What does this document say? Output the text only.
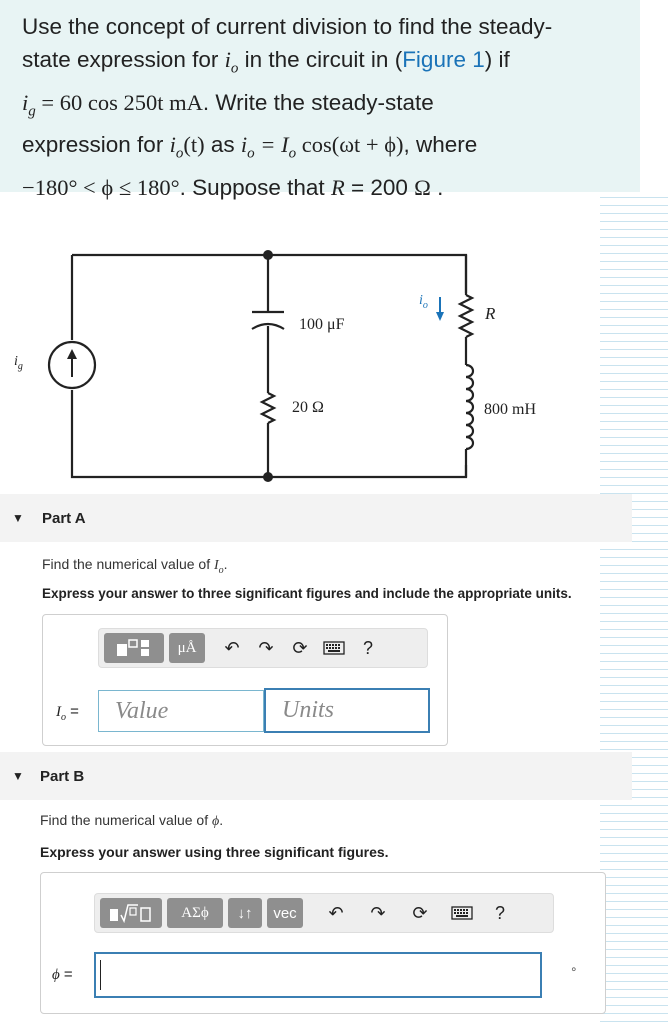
Use the concept of current division to find the steady-
state expression for $i_o$ in the circuit in (Figure 1) if
$i_g = 60$ cos 250t mA. Write the steady-state
expression for $i_o(t)$ as $i_o = I_o$ cos(ωt + ϕ), where
−180° < ϕ ≤ 180°. Suppose that R = 200 Ω .
$i_g$
100 μF
20 Ω
$i_o$	R
800 mH
▼	Part A
Find the numerical value of $I_o$.
Express your answer to three significant figures and include the appropriate units.
μÅ	↶	↷	⟳	?
$I_o$ =	Value	Units
▼	Part B
Find the numerical value of ϕ.
Express your answer using three significant figures.
ΑΣϕ	↓↑	vec	↶	↷	⟳	?
ϕ =	∘
